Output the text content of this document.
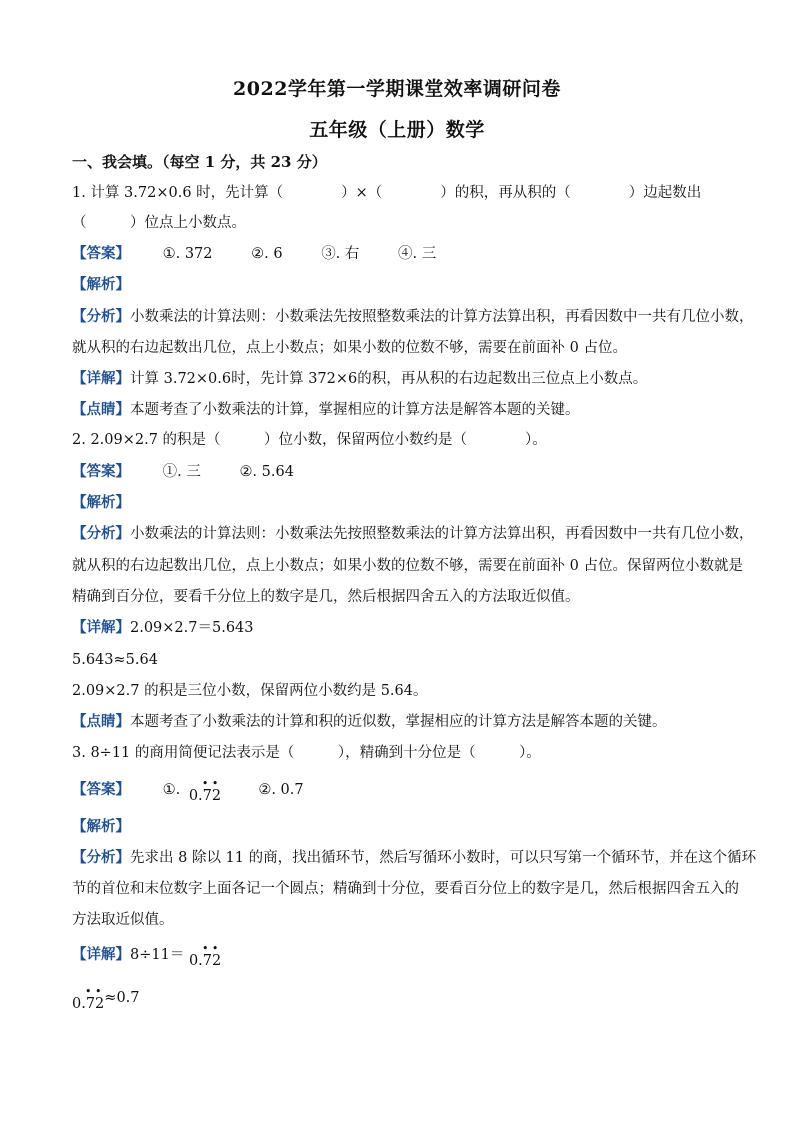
2022学年第一学期课堂效率调研问卷
五年级（上册）数学
一、我会填。（每空 1 分，共 23 分）
1. 计算 3.72×0.6 时，先计算（　　　　）×（　　　　）的积，再从积的（　　　　）边起数出
（　　　）位点上小数点。
【答案】 ①. 372	②. 6	③. 右	④. 三
【解析】
【分析】小数乘法的计算法则：小数乘法先按照整数乘法的计算方法算出积，再看因数中一共有几位小数，
就从积的右边起数出几位，点上小数点；如果小数的位数不够，需要在前面补 0 占位。
【详解】计算 3.72×0.6时，先计算 372×6的积，再从积的右边起数出三位点上小数点。
【点睛】本题考查了小数乘法的计算，掌握相应的计算方法是解答本题的关键。
2. 2.09×2.7 的积是（　　　）位小数，保留两位小数约是（　　　　）。
【答案】 ①. 三	②. 5.64
【解析】
【分析】小数乘法的计算法则：小数乘法先按照整数乘法的计算方法算出积，再看因数中一共有几位小数，
就从积的右边起数出几位，点上小数点；如果小数的位数不够，需要在前面补 0 占位。保留两位小数就是
精确到百分位，要看千分位上的数字是几，然后根据四舍五入的方法取近似值。
【详解】2.09×2.7＝5.643
5.643≈5.64
2.09×2.7 的积是三位小数，保留两位小数约是 5.64。
【点睛】本题考查了小数乘法的计算和积的近似数，掌握相应的计算方法是解答本题的关键。
3. 8÷11 的商用简便记法表示是（　　　），精确到十分位是（　　　）。
【答案】 ①. • •
0.72	②. 0.7
【解析】
【分析】先求出 8 除以 11 的商，找出循环节，然后写循环小数时，可以只写第一个循环节，并在这个循环
节的首位和末位数字上面各记一个圆点；精确到十分位，要看百分位上的数字是几，然后根据四舍五入的
方法取近似值。
【详解】8÷11＝ • •
0.72
• •
0.72≈0.7
